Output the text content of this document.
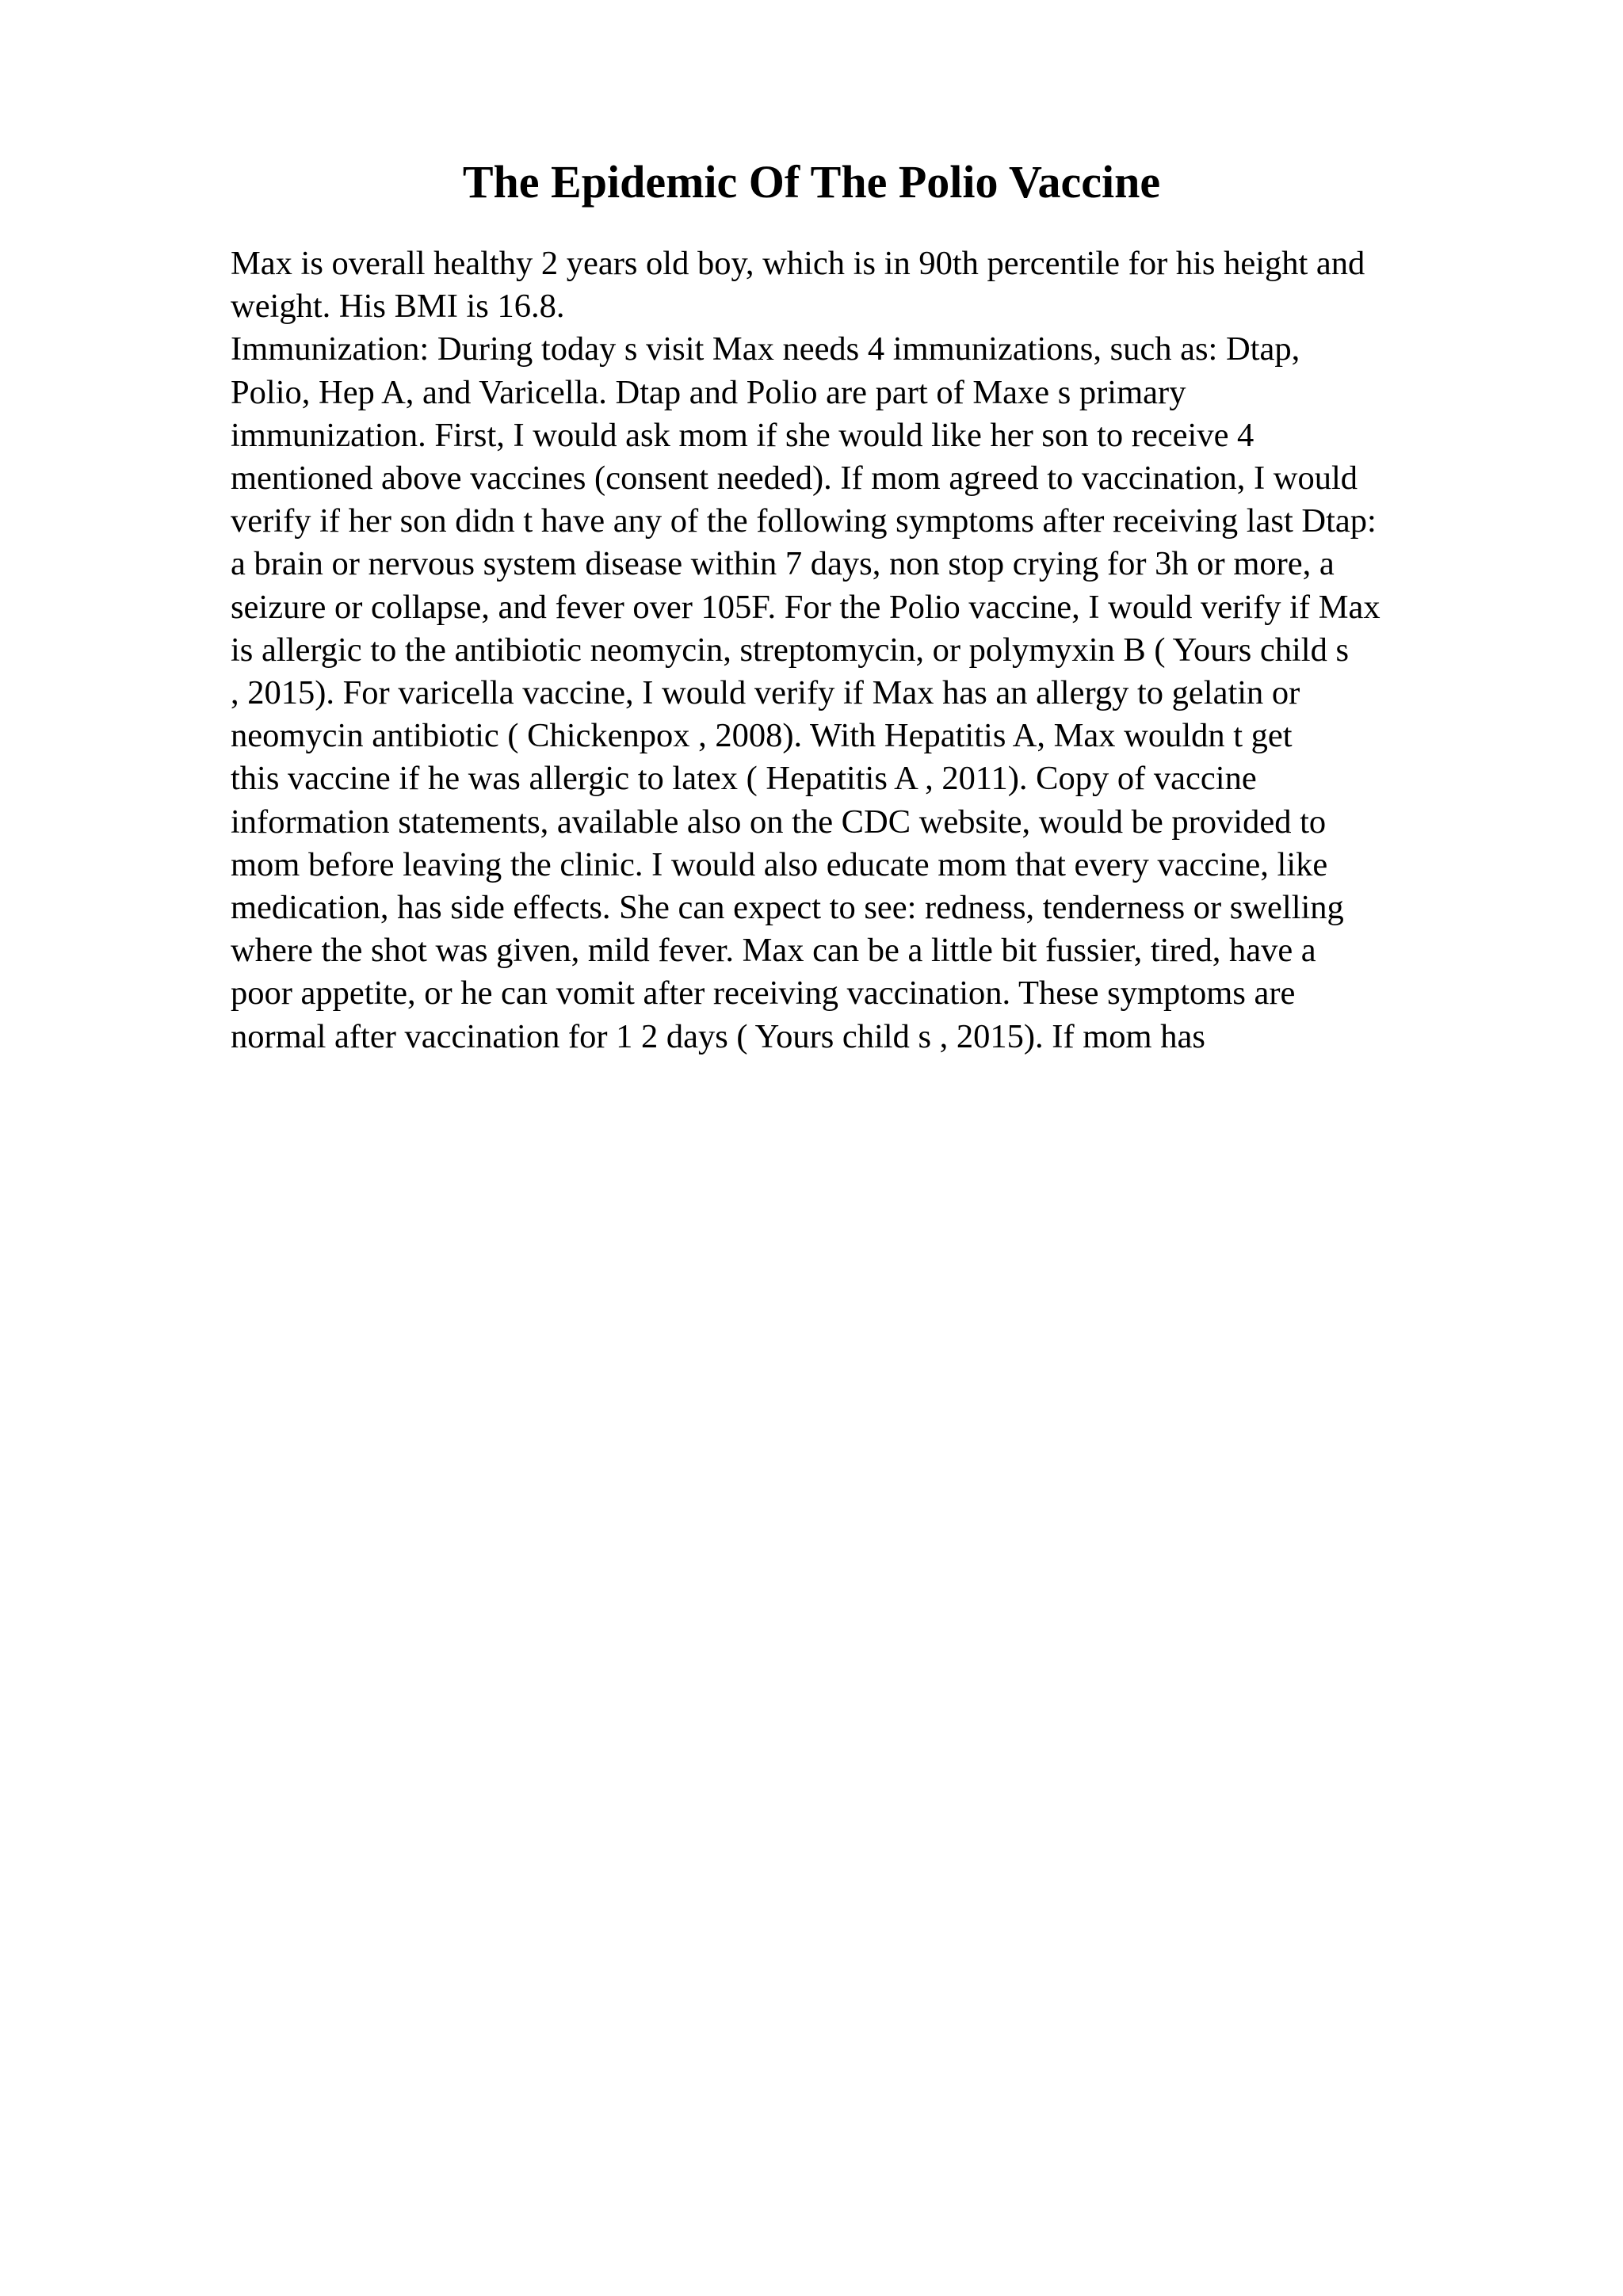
The Epidemic Of The Polio Vaccine
Max is overall healthy 2 years old boy, which is in 90th percentile for his height and
weight. His BMI is 16.8.
Immunization: During today s visit Max needs 4 immunizations, such as: Dtap,
Polio, Hep A, and Varicella. Dtap and Polio are part of Maxe s primary
immunization. First, I would ask mom if she would like her son to receive 4
mentioned above vaccines (consent needed). If mom agreed to vaccination, I would
verify if her son didn t have any of the following symptoms after receiving last Dtap:
a brain or nervous system disease within 7 days, non stop crying for 3h or more, a
seizure or collapse, and fever over 105F. For the Polio vaccine, I would verify if Max
is allergic to the antibiotic neomycin, streptomycin, or polymyxin B ( Yours child s
, 2015). For varicella vaccine, I would verify if Max has an allergy to gelatin or
neomycin antibiotic ( Chickenpox , 2008). With Hepatitis A, Max wouldn t get
this vaccine if he was allergic to latex ( Hepatitis A , 2011). Copy of vaccine
information statements, available also on the CDC website, would be provided to
mom before leaving the clinic. I would also educate mom that every vaccine, like
medication, has side effects. She can expect to see: redness, tenderness or swelling
where the shot was given, mild fever. Max can be a little bit fussier, tired, have a
poor appetite, or he can vomit after receiving vaccination. These symptoms are
normal after vaccination for 1 2 days ( Yours child s , 2015). If mom has
